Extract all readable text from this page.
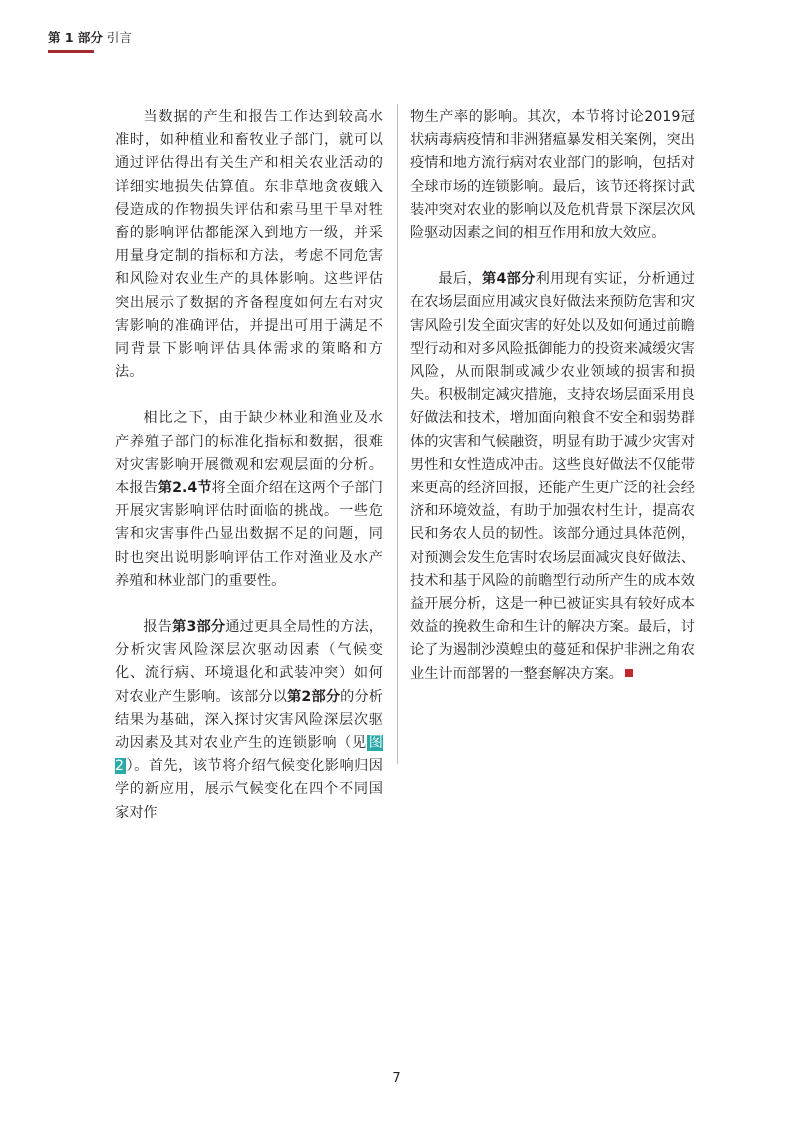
第 1 部分 引言

当数据的产生和报告工作达到较高水准时，如种植业和畜牧业子部门，就可以通过评估得出有关生产和相关农业活动的详细实地损失估算值。东非草地贪夜蛾入侵造成的作物损失评估和索马里干旱对牲畜的影响评估都能深入到地方一级，并采用量身定制的指标和方法，考虑不同危害和风险对农业生产的具体影响。这些评估突出展示了数据的齐备程度如何左右对灾害影响的准确评估，并提出可用于满足不同背景下影响评估具体需求的策略和方法。

相比之下，由于缺少林业和渔业及水产养殖子部门的标准化指标和数据，很难对灾害影响开展微观和宏观层面的分析。本报告第2.4节将全面介绍在这两个子部门开展灾害影响评估时面临的挑战。一些危害和灾害事件凸显出数据不足的问题，同时也突出说明影响评估工作对渔业及水产养殖和林业部门的重要性。

报告第3部分通过更具全局性的方法，分析灾害风险深层次驱动因素（气候变化、流行病、环境退化和武装冲突）如何对农业产生影响。该部分以第2部分的分析结果为基础，深入探讨灾害风险深层次驱动因素及其对农业产生的连锁影响（见 图2 ）。首先，该节将介绍气候变化影响归因学的新应用，展示气候变化在四个不同国家对作

物生产率的影响。其次，本节将讨论2019冠状病毒病疫情和非洲猪瘟暴发相关案例，突出疫情和地方流行病对农业部门的影响，包括对全球市场的连锁影响。最后，该节还将探讨武装冲突对农业的影响以及危机背景下深层次风险驱动因素之间的相互作用和放大效应。

最后，第4部分利用现有实证，分析通过在农场层面应用减灾良好做法来预防危害和灾害风险引发全面灾害的好处以及如何通过前瞻型行动和对多风险抵御能力的投资来减缓灾害风险，从而限制或减少农业领域的损害和损失。积极制定减灾措施，支持农场层面采用良好做法和技术，增加面向粮食不安全和弱势群体的灾害和气候融资，明显有助于减少灾害对男性和女性造成冲击。这些良好做法不仅能带来更高的经济回报，还能产生更广泛的社会经济和环境效益，有助于加强农村生计，提高农民和务农人员的韧性。该部分通过具体范例，对预测会发生危害时农场层面减灾良好做法、技术和基于风险的前瞻型行动所产生的成本效益开展分析，这是一种已被证实具有较好成本效益的挽救生命和生计的解决方案。最后，讨论了为遏制沙漠蝗虫的蔓延和保护非洲之角农业生计而部署的一整套解决方案。

7
